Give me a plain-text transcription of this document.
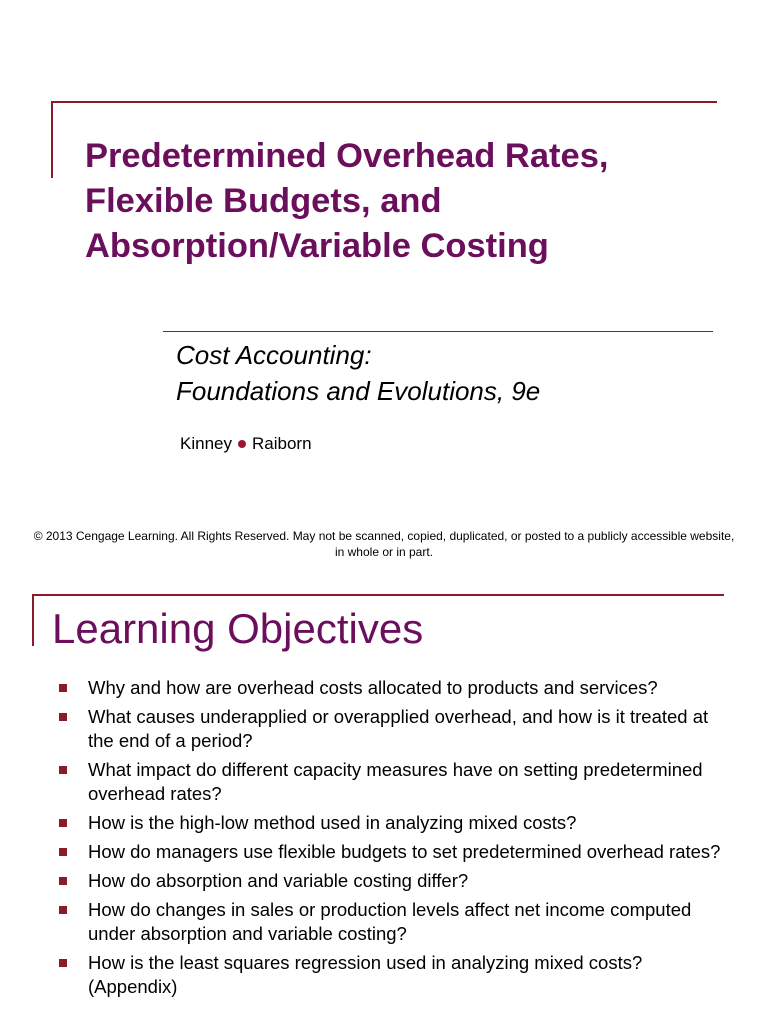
Predetermined Overhead Rates,
Flexible Budgets, and
Absorption/Variable Costing
Cost Accounting:
Foundations and Evolutions, 9e
Kinney Raiborn
© 2013 Cengage Learning. All Rights Reserved. May not be scanned, copied, duplicated, or posted to a publicly accessible website, in whole or in part.
Learning Objectives
Why and how are overhead costs allocated to products and services?
What causes underapplied or overapplied overhead, and how is it treated at the end of a period?
What impact do different capacity measures have on setting predetermined overhead rates?
How is the high-low method used in analyzing mixed costs?
How do managers use flexible budgets to set predetermined overhead rates?
How do absorption and variable costing differ?
How do changes in sales or production levels affect net income computed under absorption and variable costing?
How is the least squares regression used in analyzing mixed costs? (Appendix)
